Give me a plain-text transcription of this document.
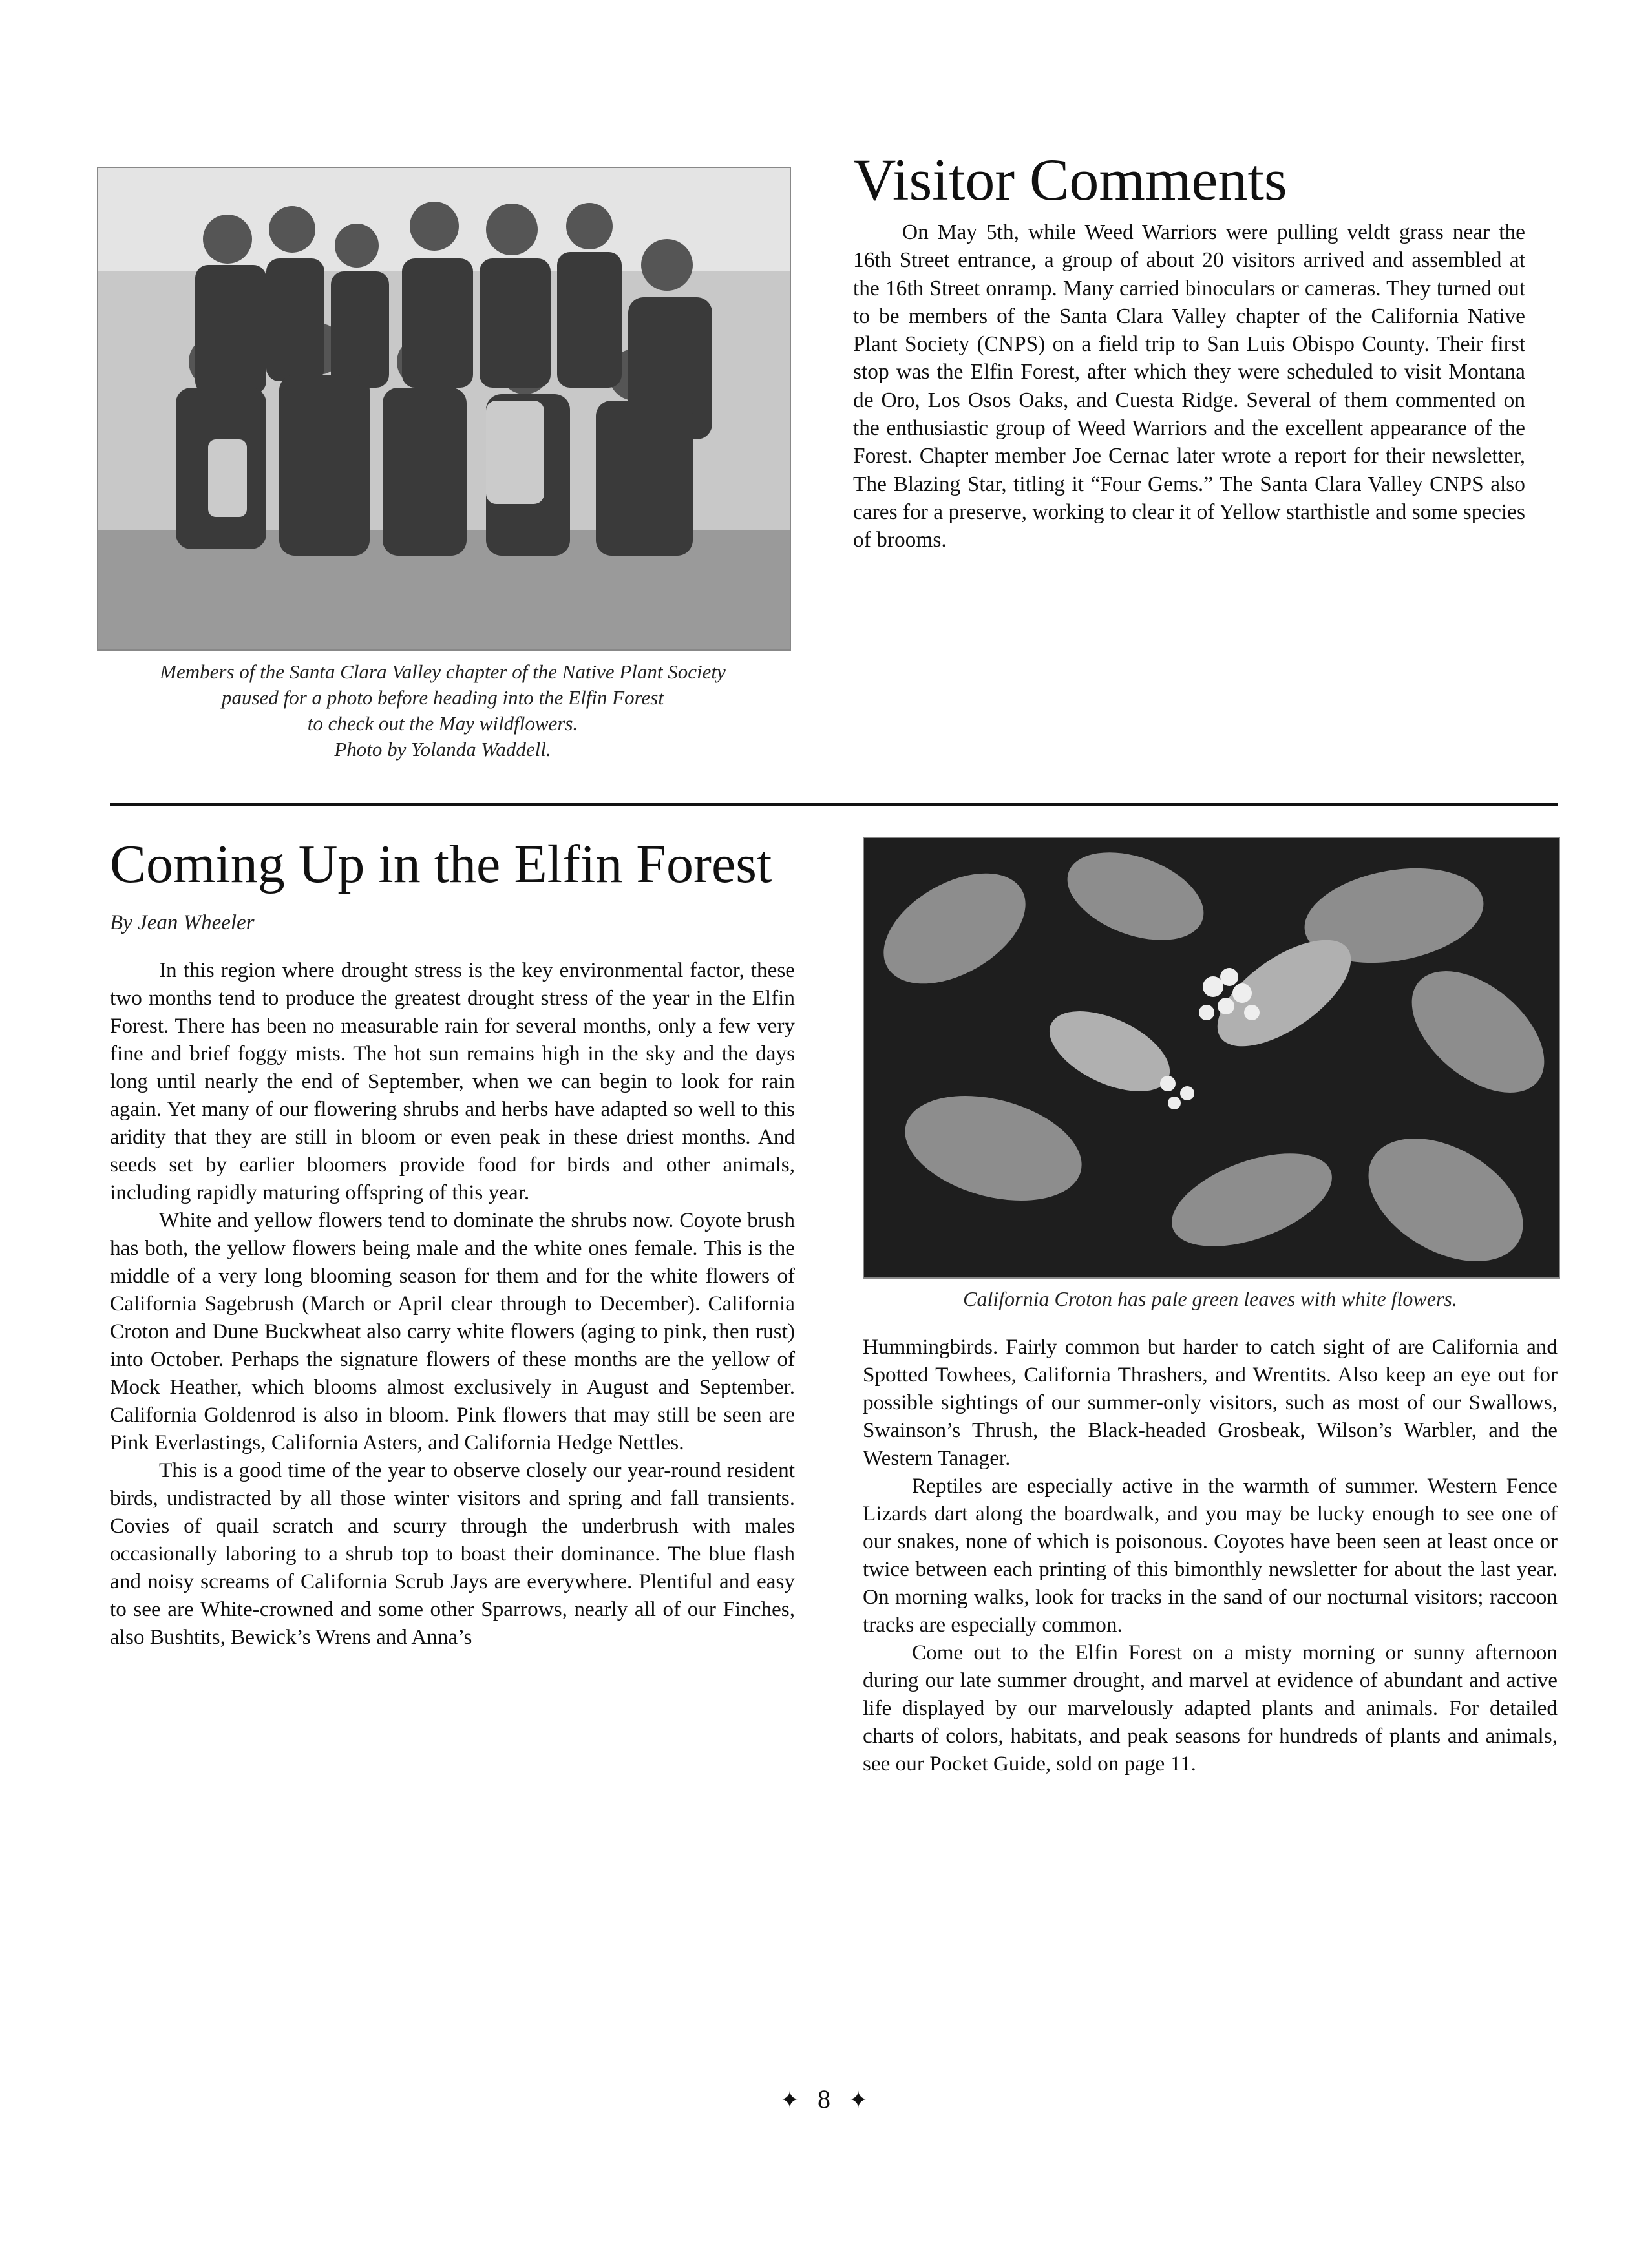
Members of the Santa Clara Valley chapter of the Native Plant Society
paused for a photo before heading into the Elfin Forest
to check out the May wildflowers.
Photo by Yolanda Waddell.
Visitor Comments

On May 5th, while Weed Warriors were pulling veldt grass near the 16th Street entrance, a group of about 20 visitors arrived and assembled at the 16th Street onramp. Many carried binoculars or cameras. They turned out to be members of the Santa Clara Valley chapter of the California Native Plant Society (CNPS) on a field trip to San Luis Obispo County. Their first stop was the Elfin Forest, after which they were scheduled to visit Montana de Oro, Los Osos Oaks, and Cuesta Ridge. Several of them commented on the enthusiastic group of Weed Warriors and the excellent appearance of the Forest. Chapter member Joe Cernac later wrote a report for their newsletter, The Blazing Star, titling it “Four Gems.” The Santa Clara Valley CNPS also cares for a preserve, working to clear it of Yellow starthistle and some species of brooms.

Coming Up in the Elfin Forest
By Jean Wheeler

In this region where drought stress is the key environmental factor, these two months tend to produce the greatest drought stress of the year in the Elfin Forest. There has been no measurable rain for several months, only a few very fine and brief foggy mists. The hot sun remains high in the sky and the days long until nearly the end of September, when we can begin to look for rain again. Yet many of our flowering shrubs and herbs have adapted so well to this aridity that they are still in bloom or even peak in these driest months. And seeds set by earlier bloomers provide food for birds and other animals, including rapidly maturing offspring of this year.

White and yellow flowers tend to dominate the shrubs now. Coyote brush has both, the yellow flowers being male and the white ones female. This is the middle of a very long blooming season for them and for the white flowers of California Sagebrush (March or April clear through to December). California Croton and Dune Buckwheat also carry white flowers (aging to pink, then rust) into October. Perhaps the signature flowers of these months are the yellow of Mock Heather, which blooms almost exclusively in August and September. California Goldenrod is also in bloom. Pink flowers that may still be seen are Pink Everlastings, California Asters, and California Hedge Nettles.

This is a good time of the year to observe closely our year-round resident birds, undistracted by all those winter visitors and spring and fall transients. Covies of quail scratch and scurry through the underbrush with males occasionally laboring to a shrub top to boast their dominance. The blue flash and noisy screams of California Scrub Jays are everywhere. Plentiful and easy to see are White-crowned and some other Sparrows, nearly all of our Finches, also Bushtits, Bewick’s Wrens and Anna’s

California Croton has pale green leaves with white flowers.

Hummingbirds. Fairly common but harder to catch sight of are California and Spotted Towhees, California Thrashers, and Wrentits. Also keep an eye out for possible sightings of our summer-only visitors, such as most of our Swallows, Swainson’s Thrush, the Black-headed Grosbeak, Wilson’s Warbler, and the Western Tanager.

Reptiles are especially active in the warmth of summer. Western Fence Lizards dart along the boardwalk, and you may be lucky enough to see one of our snakes, none of which is poisonous. Coyotes have been seen at least once or twice between each printing of this bimonthly newsletter for about the last year. On morning walks, look for tracks in the sand of our nocturnal visitors; raccoon tracks are especially common.

Come out to the Elfin Forest on a misty morning or sunny afternoon during our late summer drought, and marvel at evidence of abundant and active life displayed by our marvelously adapted plants and animals. For detailed charts of colors, habitats, and peak seasons for hundreds of plants and animals, see our Pocket Guide, sold on page 11.

✦ 8 ✦
